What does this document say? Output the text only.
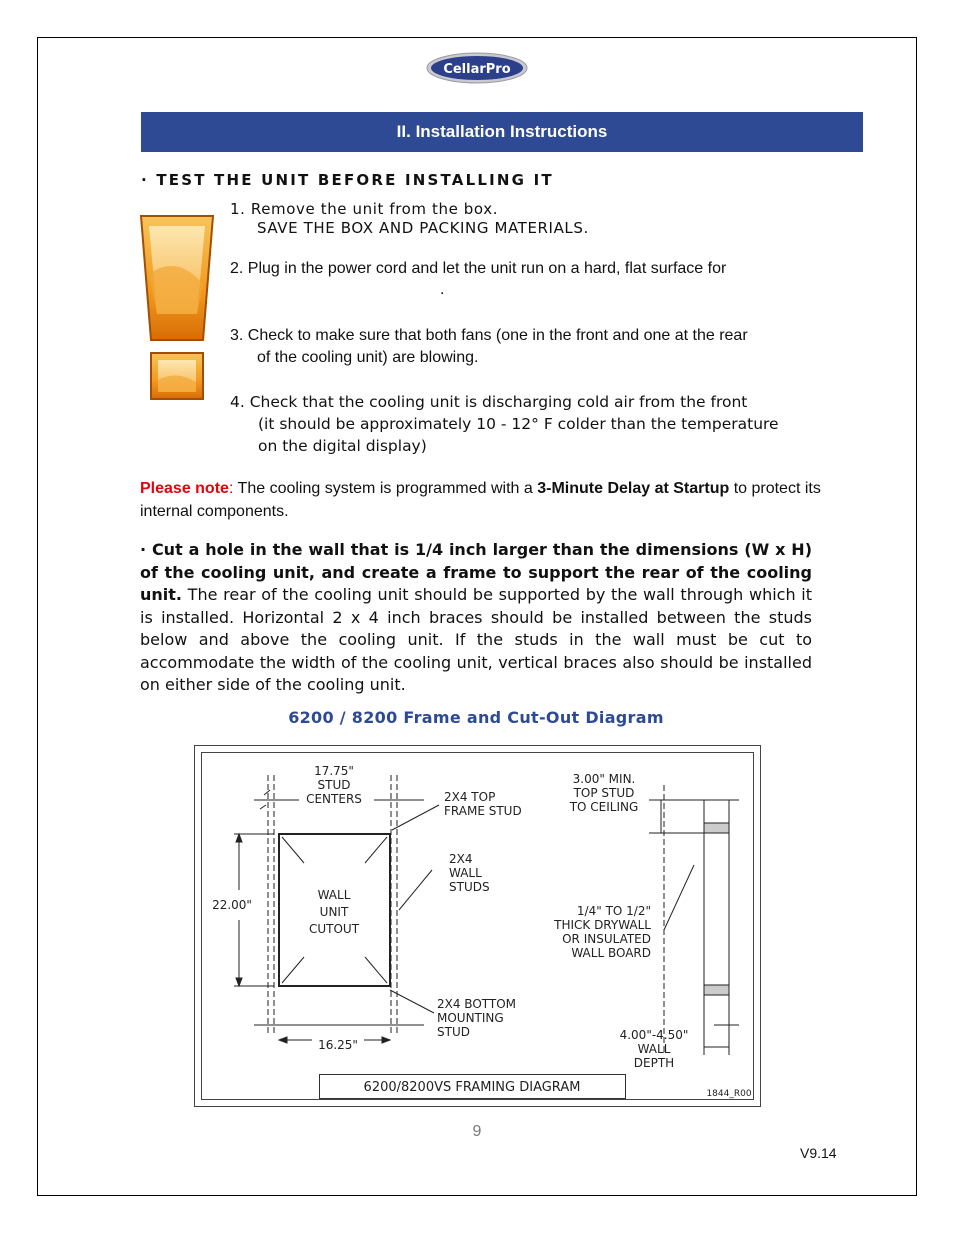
CellarPro
II. Installation Instructions
· TEST THE UNIT BEFORE INSTALLING IT
1. Remove the unit from the box.
SAVE THE BOX AND PACKING MATERIALS.
2. Plug in the power cord and let the unit run on a hard, flat surface for
.
3. Check to make sure that both fans (one in the front and one at the rear
of the cooling unit) are blowing.
4. Check that the cooling unit is discharging cold air from the front
(it should be approximately 10 - 12° F colder than the temperature
on the digital display)
Please note: The cooling system is programmed with a 3-Minute Delay at Startup to protect its internal components.
· Cut a hole in the wall that is 1/4 inch larger than the dimensions (W x H) of the cooling unit, and create a frame to support the rear of the cooling unit. The rear of the cooling unit should be supported by the wall through which it is installed. Horizontal 2 x 4 inch braces should be installed between the studs below and above the cooling unit. If the studs in the wall must be cut to accommodate the width of the cooling unit, vertical braces also should be installed on either side of the cooling unit.
6200 / 8200 Frame and Cut-Out Diagram
17.75"
STUD
CENTERS	2X4 TOP
FRAME STUD
3.00" MIN.
TOP STUD
TO CEILING
2X4
WALL
STUDS
22.00"
WALL
UNIT
CUTOUT
1/4" TO 1/2"
THICK DRYWALL
OR INSULATED
WALL BOARD
2X4 BOTTOM
MOUNTING
STUD	4.00"-4.50"
WALL
DEPTH
16.25"
6200/8200VS FRAMING DIAGRAM	1844_R00
9
V9.14
